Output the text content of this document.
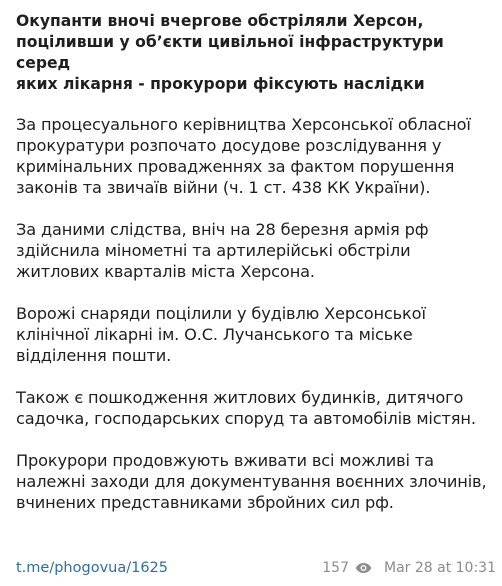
Окупанти вночі вчергове обстріляли Херсон,
поціливши у об’єкти цивільної інфраструктури серед
яких лікарня - прокурори фіксують наслідки
За процесуального керівництва Херсонської обласної
прокуратури розпочато досудове розслідування у
кримінальних провадженнях за фактом порушення
законів та звичаїв війни (ч. 1 ст. 438 КК України).
За даними слідства, вніч на 28 березня армія рф
здійснила мінометні та артилерійські обстріли
житлових кварталів міста Херсона.
Ворожі снаряди поцілили у будівлю Херсонської
клінічної лікарні ім. О.С. Лучанського та міське
відділення пошти.
Також є пошкодження житлових будинків, дитячого
садочка, господарських споруд та автомобілів містян.
Прокурори продовжують вживати всі можливі та
належні заходи для документування воєнних злочинів,
вчинених представниками збройних сил рф.
t.me/phogovua/1625	157	Mar 28 at 10:31
